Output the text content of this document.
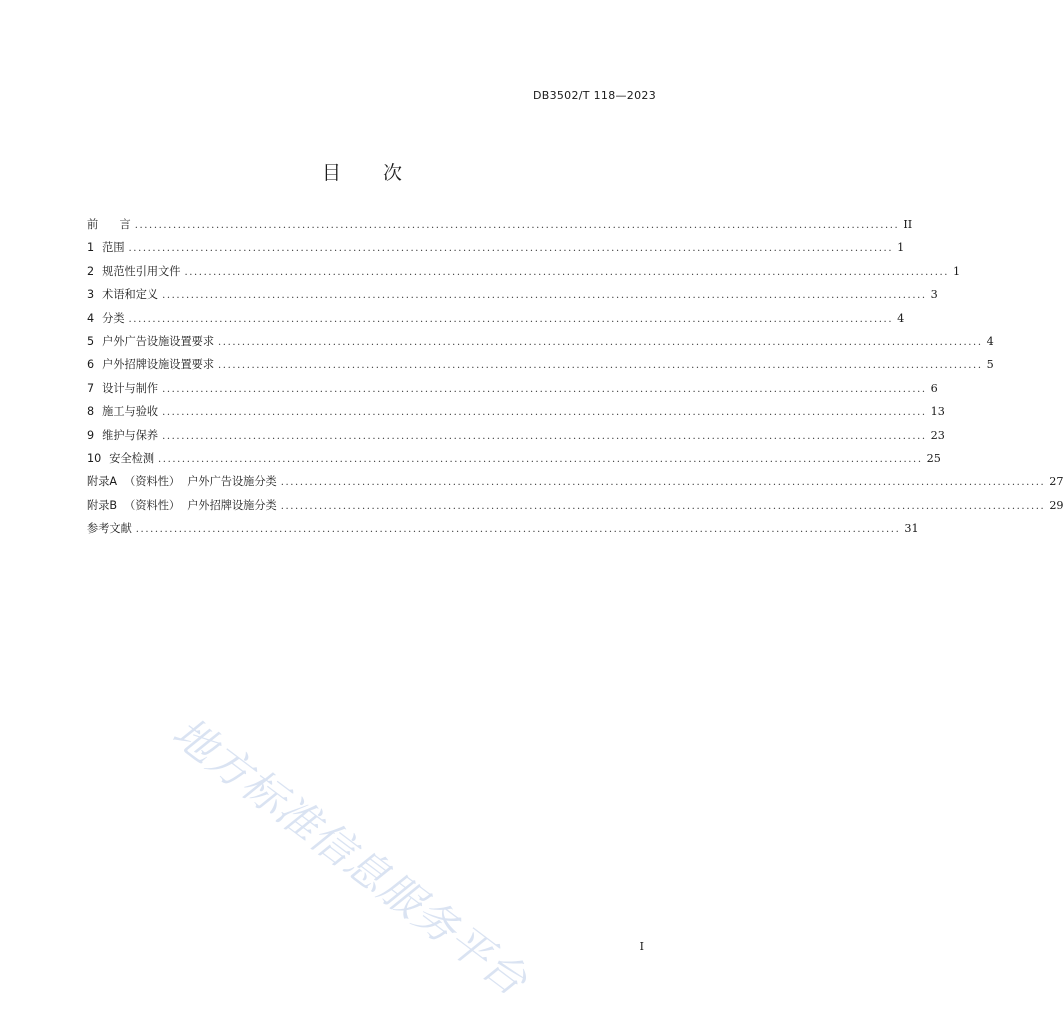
DB3502/T 118—2023
目 次
前      言 ................................................................................................................................................................ II
1 范围 ................................................................................................................................................................ 1
2 规范性引用文件 ................................................................................................................................................................ 1
3 术语和定义 ................................................................................................................................................................ 3
4 分类 ................................................................................................................................................................ 4
5 户外广告设施设置要求 ................................................................................................................................................................ 4
6 户外招牌设施设置要求 ................................................................................................................................................................ 5
7 设计与制作 ................................................................................................................................................................ 6
8 施工与验收 ................................................................................................................................................................ 13
9 维护与保养 ................................................................................................................................................................ 23
10 安全检测 ................................................................................................................................................................ 25
附录A  （资料性）  户外广告设施分类 ................................................................................................................................................................ 27
附录B  （资料性）  户外招牌设施分类 ................................................................................................................................................................ 29
参考文献 ................................................................................................................................................................ 31
地方标准信息服务平台	I
